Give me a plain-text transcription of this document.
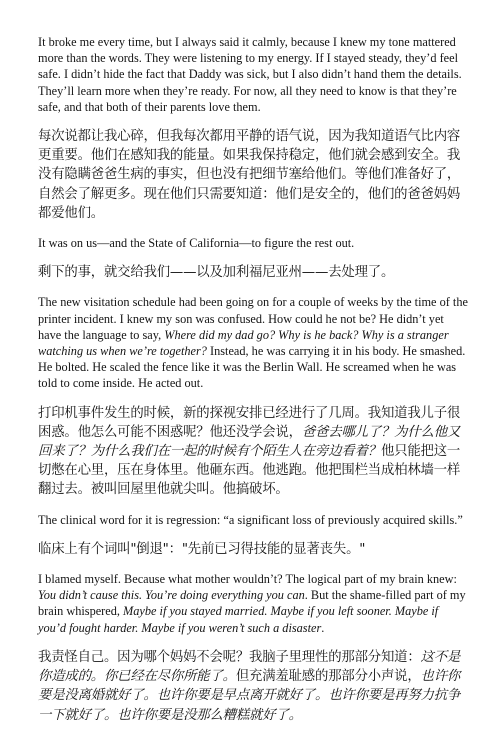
It broke me every time, but I always said it calmly, because I knew my tone mattered more than the words. They were listening to my energy. If I stayed steady, they’d feel safe. I didn’t hide the fact that Daddy was sick, but I also didn’t hand them the details. They’ll learn more when they’re ready. For now, all they need to know is that they’re safe, and that both of their parents love them.

每次说都让我心碎，但我每次都用平静的语气说，因为我知道语气比内容更重要。他们在感知我的能量。如果我保持稳定，他们就会感到安全。我没有隐瞒爸爸生病的事实，但也没有把细节塞给他们。等他们准备好了，自然会了解更多。现在他们只需要知道：他们是安全的，他们的爸爸妈妈都爱他们。

It was on us—and the State of California—to figure the rest out.

剩下的事，就交给我们——以及加利福尼亚州——去处理了。

The new visitation schedule had been going on for a couple of weeks by the time of the printer incident. I knew my son was confused. How could he not be? He didn’t yet have the language to say, Where did my dad go? Why is he back? Why is a stranger watching us when we’re together? Instead, he was carrying it in his body. He smashed. He bolted. He scaled the fence like it was the Berlin Wall. He screamed when he was told to come inside. He acted out.

打印机事件发生的时候，新的探视安排已经进行了几周。我知道我儿子很困惑。他怎么可能不困惑呢？他还没学会说，爸爸去哪儿了？为什么他又回来了？为什么我们在一起的时候有个陌生人在旁边看着？他只能把这一切憋在心里，压在身体里。他砸东西。他逃跑。他把围栏当成柏林墙一样翻过去。被叫回屋里他就尖叫。他搞破坏。

The clinical word for it is regression: “a significant loss of previously acquired skills.”

临床上有个词叫"倒退"："先前已习得技能的显著丧失。"

I blamed myself. Because what mother wouldn’t? The logical part of my brain knew: You didn’t cause this. You’re doing everything you can. But the shame-filled part of my brain whispered, Maybe if you stayed married. Maybe if you left sooner. Maybe if you’d fought harder. Maybe if you weren’t such a disaster.

我责怪自己。因为哪个妈妈不会呢？我脑子里理性的那部分知道：这不是你造成的。你已经在尽你所能了。但充满羞耻感的那部分小声说，也许你要是没离婚就好了。也许你要是早点离开就好了。也许你要是再努力抗争一下就好了。也许你要是没那么糟糕就好了。
